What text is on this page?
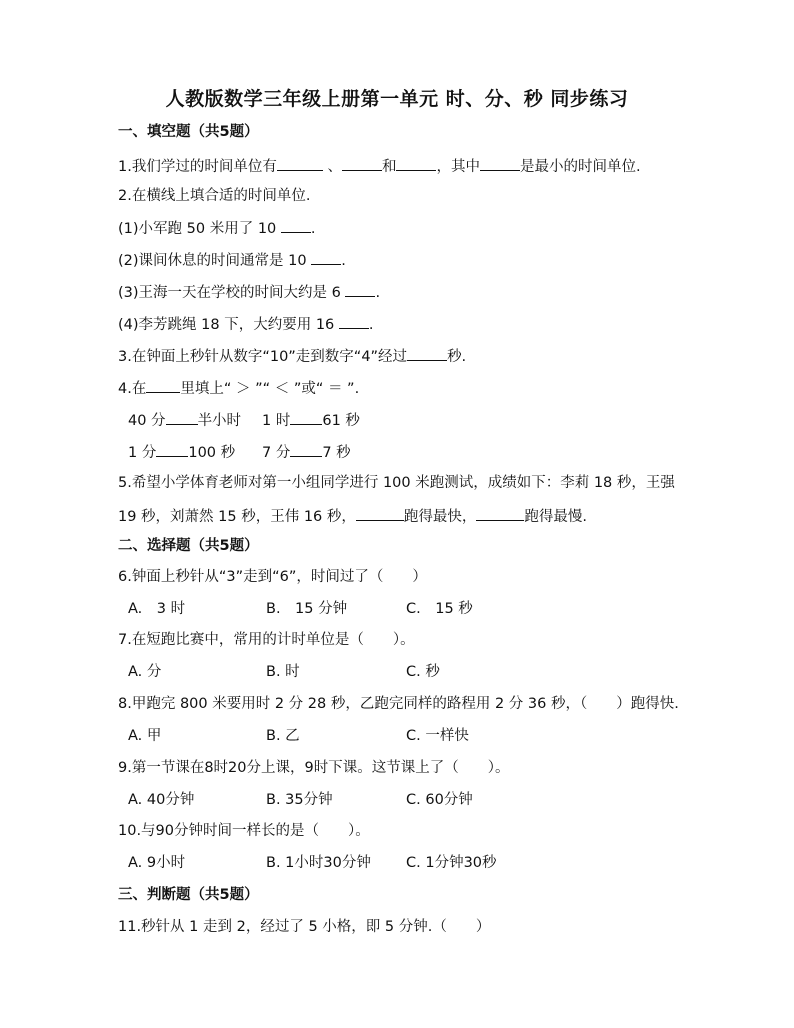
人教版数学三年级上册第一单元 时、分、秒 同步练习
一、填空题（共5题）
1.我们学过的时间单位有	、	和	，其中	是最小的时间单位.
2.在横线上填合适的时间单位.
(1)小军跑 50 米用了 10 .
(2)课间休息的时间通常是 10 .
(3)王海一天在学校的时间大约是 6 .
(4)李芳跳绳 18 下，大约要用 16 .
3.在钟面上秒针从数字“10”走到数字“4”经过	秒.
4.在 里填上“ ＞ ”“ ＜ ”或“ ＝ ”.
40 分 半小时 1 时 61 秒
1 分 100 秒 7 分 7 秒
5.希望小学体育老师对第一小组同学进行 100 米跑测试，成绩如下：李莉 18 秒，王强
19 秒，刘萧然 15 秒，王伟 16 秒，	跑得最快，	跑得最慢.
二、选择题（共5题）
6.钟面上秒针从“3”走到“6”，时间过了（　　）
A.　3 时	B.　15 分钟	C.　15 秒
7.在短跑比赛中，常用的计时单位是（　　）。
A. 分	B. 时	C. 秒
8.甲跑完 800 米要用时 2 分 28 秒，乙跑完同样的路程用 2 分 36 秒，（　　）跑得快.
A. 甲	B. 乙	C. 一样快
9.第一节课在8时20分上课，9时下课。这节课上了（　　）。
A. 40分钟	B. 35分钟	C. 60分钟
10.与90分钟时间一样长的是（　　）。
A. 9小时	B. 1小时30分钟 C. 1分钟30秒
三、判断题（共5题）
11.秒针从 1 走到 2，经过了 5 小格，即 5 分钟.（　　）
